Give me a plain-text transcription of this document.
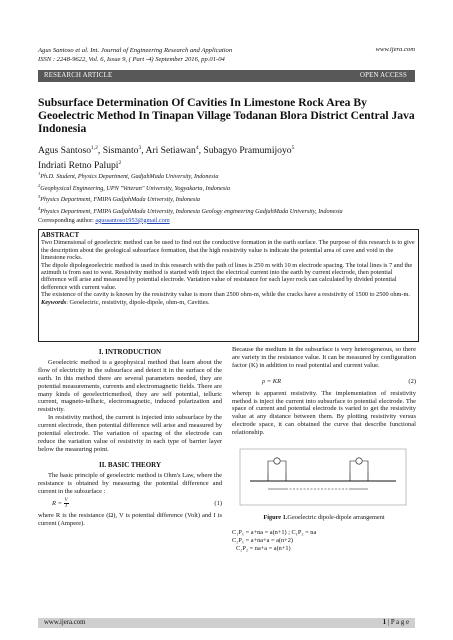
Agus Santoso et al. Int. Journal of Engineering Research and Application
ISSN : 2248-9622, Vol. 6, Issue 9, ( Part -4) September 2016, pp.01-04
www.ijera.com
RESEARCH ARTICLE	OPEN ACCESS
Subsurface Determination Of Cavities In Limestone Rock Area By Geoelectric Method In Tinapan Village Todanan Blora District Central Java Indonesia
Agus Santoso$^{1,2}$, Sismanto$^3$, Ari Setiawan$^4$, Subagyo Pramumijoyo$^5$
Indriati Retno Palupi$^2$
$^1$Ph.D. Student, Physics Department, GadjahMada University, Indonesia
$^2$Geophysical Engineering, UPN "Veteran" University, Yogyakarta, Indonesia
$^3$Physics Department, FMIPA GadjahMada University, Indonesia
$^4$Physics Department, FMIPA GadjahMada University, Indonesia Geology engineering GadjahMada University, Indonesia
Corresponding author: agussantoso1953@gmail.com
ABSTRACT

Two Dimensional of geoelectric method can be used to find out the conductive formation in the earth surface. The purpose of this research is to give the description about the geological subsurface formation, that the high resistivity value is indicate the potential area of cave and void in the limestone rocks.

The dipole dipolegeoelectric method is used in this research with the path of lines is 250 m with 10 m electrode spacing. The total lines is 7 and the azimuth is from east to west. Resistivity method is started with inject the electrical current into the earth by current electrode, then potential difference will arise and measured by potential electrode. Variation value of resistance for each layer rock can calculated by divided potential defference with current value.

The existence of the cavity is known by the resistivity value is more than 2500 ohm-m, while the cracks have a resistivity of 1500 to 2500 ohm-m.

Keywords: Geoelectric, resistivity, dipole-dipole, ohm-m, Cavities.

I. INTRODUCTION

Geoelectric method is a geophysical method that learn about the flow of electricity in the subsurface and detect it in the surface of the earth. In this method there are several parameters needed, they are potential measurements, currents and electromagnetic fields. There are many kinds of geoelectricmethod, they are self potential, telluric current, magneto-telluric, electromagnetic, induced polarization and resistivity.

In resistivity method, the current is injected into subsurface by the current electrode, then potential difference will arise and measured by potential electrode. The variation of spacing of the electrode can reduce the variation value of resistivity in each type of barrier layer below the measuring point.

II. BASIC THEORY

The basic principle of geoelectric method is Ohm's Law, where the resistance is obtained by measuring the potential difference and current in the subsurface :

$R = \frac{V}{I}$	(1)

where R is the resistance (Ω), V is potential difference (Volt) and I is current (Ampere).

Because the medium in the subsurface is very heterogeneous, so there are variety in the resistance value. It can be measured by configuration factor (K) in addition to read potential and current value.

ρ = KR	(2)

wherep is apparent resistivity. The implementation of resistivity method is inject the current into subsurface to potential electrode. The space of current and potential electrode is varied to get the resistivity value at any distance between them. By plotting resistivity versus electrode space, it can obtained the curve that describe functional relationship.

Figure 1.Geoelectric dipole-dipole arrangement
C₁P₁ = a+na = a(n+1) ; C₁P₂ = na
C₂P₁ = a+na+a = a(n+2)
C₂P₂ = na+a = a(n+1)
www.ijera.com	1 | P a g e
